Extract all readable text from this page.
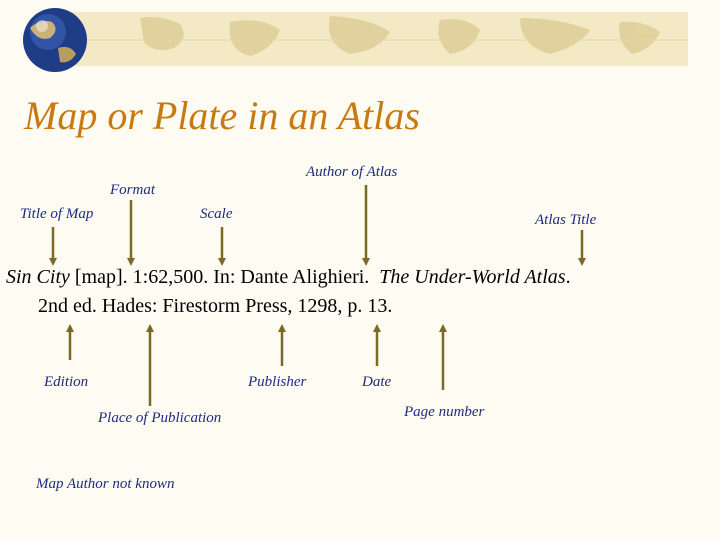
Map or Plate in an Atlas
Format
Author of Atlas
Title of Map	Scale	Atlas Title
Sin City [map]. 1:62,500. In: Dante Alighieri. The Under-World Atlas.
2nd ed. Hades: Firestorm Press, 1298, p. 13.
Edition	Publisher	Date
Page number
Place of Publication
Map Author not known
